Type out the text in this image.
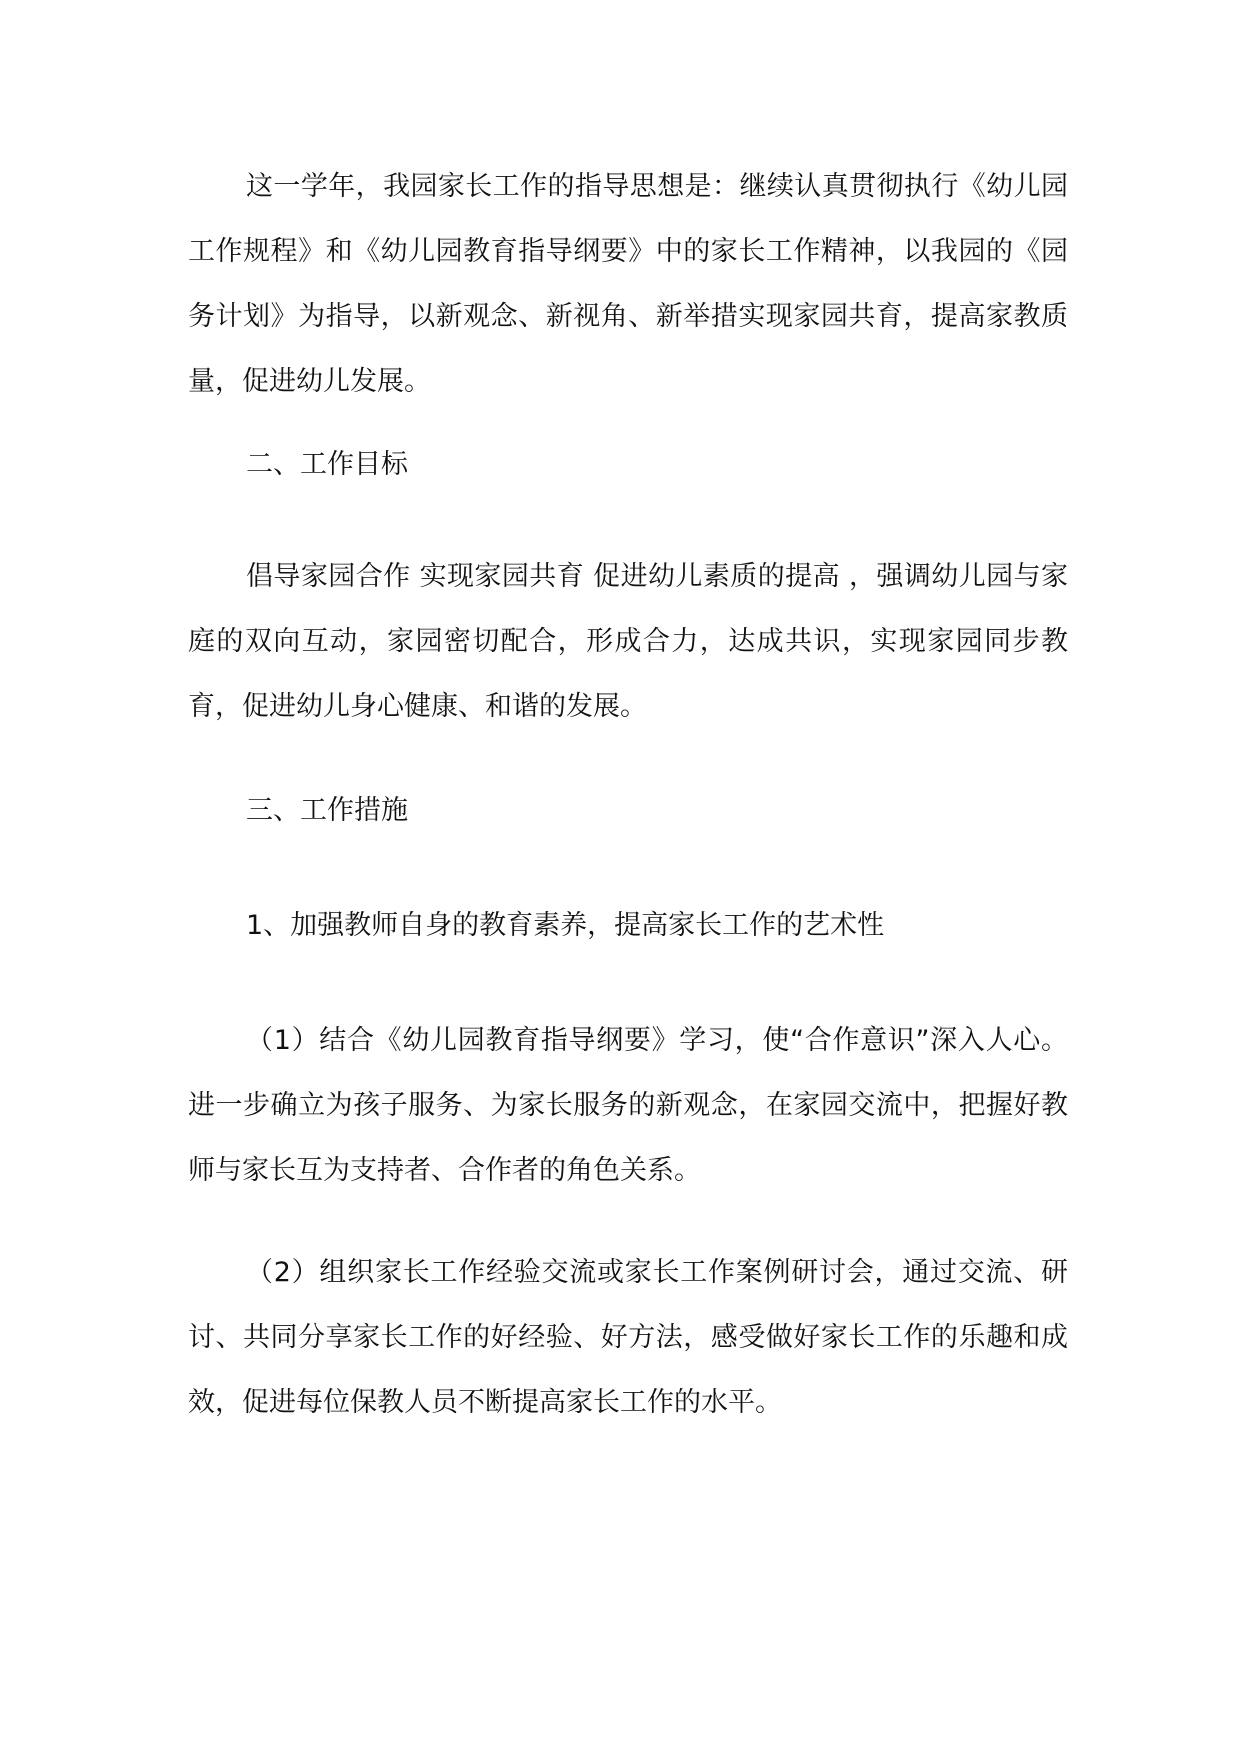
这一学年，我园家长工作的指导思想是：继续认真贯彻执行《幼儿园工作规程》和《幼儿园教育指导纲要》中的家长工作精神，以我园的《园务计划》为指导，以新观念、新视角、新举措实现家园共育，提高家教质量，促进幼儿发展。

二、工作目标

倡导家园合作 实现家园共育 促进幼儿素质的提高 ，强调幼儿园与家庭的双向互动，家园密切配合，形成合力，达成共识，实现家园同步教育，促进幼儿身心健康、和谐的发展。

三、工作措施

1、加强教师自身的教育素养，提高家长工作的艺术性

（1）结合《幼儿园教育指导纲要》学习，使“合作意识”深入人心。进一步确立为孩子服务、为家长服务的新观念，在家园交流中，把握好教师与家长互为支持者、合作者的角色关系。

（2）组织家长工作经验交流或家长工作案例研讨会，通过交流、研讨、共同分享家长工作的好经验、好方法，感受做好家长工作的乐趣和成效，促进每位保教人员不断提高家长工作的水平。
